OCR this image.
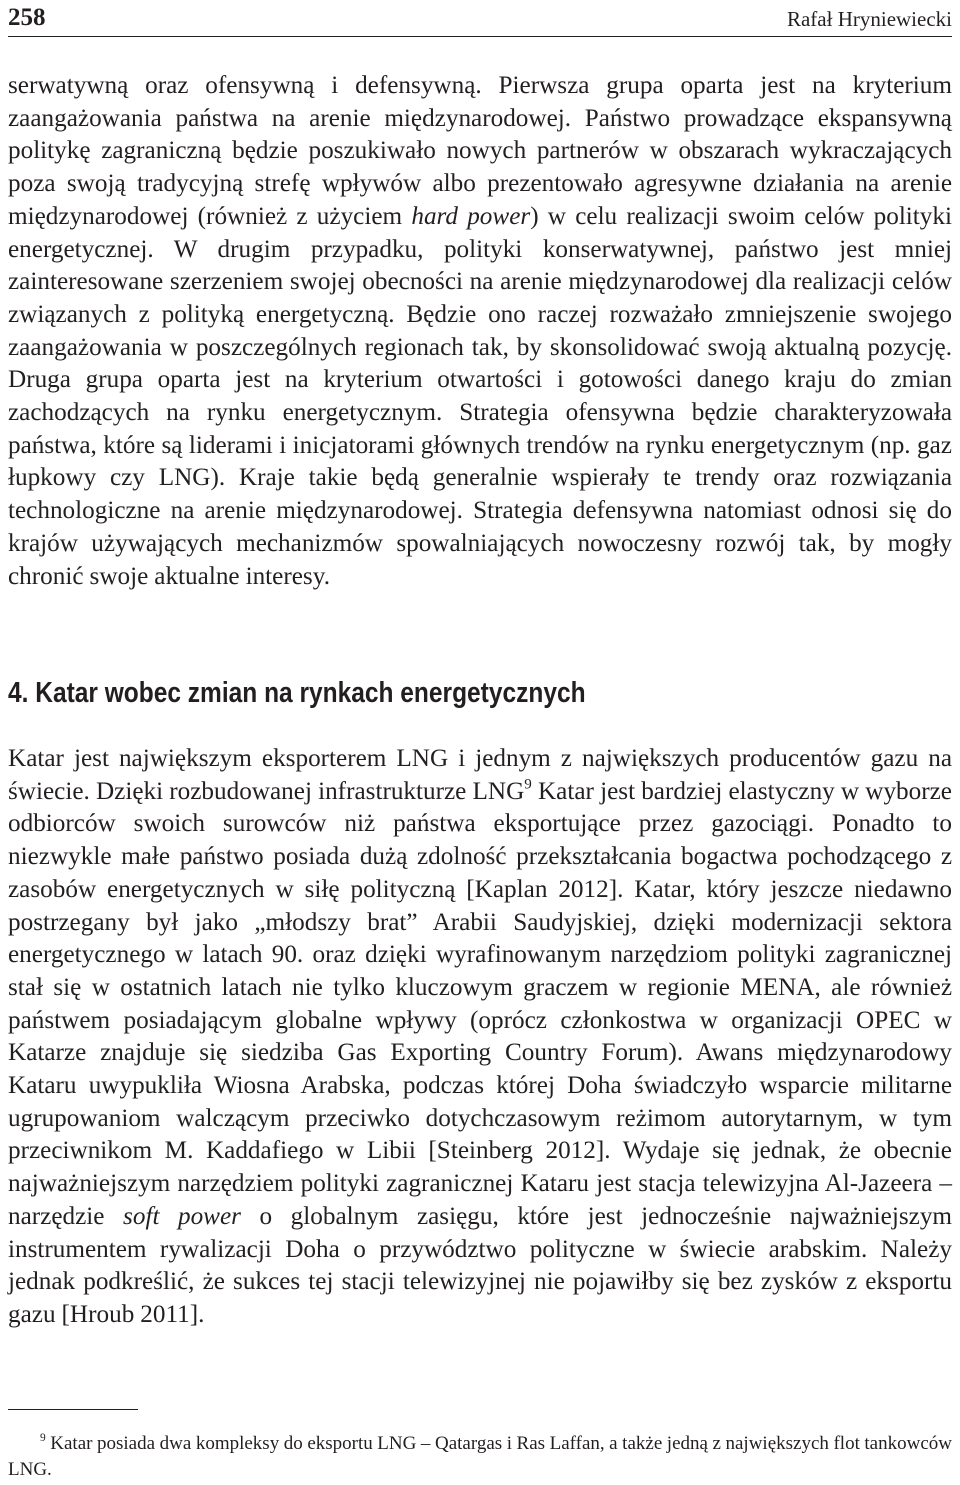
258	Rafał Hryniewiecki

serwatywną oraz ofensywną i defensywną. Pierwsza grupa oparta jest na kryterium zaangażowania państwa na arenie międzynarodowej. Państwo prowadzące ekspansywną politykę zagraniczną będzie poszukiwało nowych partnerów w obszarach wykraczających poza swoją tradycyjną strefę wpływów albo prezentowało agresywne działania na arenie międzynarodowej (również z użyciem hard power) w celu realizacji swoim celów polityki energetycznej. W drugim przypadku, polityki konserwatywnej, państwo jest mniej zainteresowane szerzeniem swojej obecności na arenie międzynarodowej dla realizacji celów związanych z polityką energetyczną. Będzie ono raczej rozważało zmniejszenie swojego zaangażowania w poszczególnych regionach tak, by skonsolidować swoją aktualną pozycję. Druga grupa oparta jest na kryterium otwartości i gotowości danego kraju do zmian zachodzących na rynku energetycznym. Strategia ofensywna będzie charakteryzowała państwa, które są liderami i inicjatorami głównych trendów na rynku energetycznym (np. gaz łupkowy czy LNG). Kraje takie będą generalnie wspierały te trendy oraz rozwiązania technologiczne na arenie międzynarodowej. Strategia defensywna natomiast odnosi się do krajów używających mechanizmów spowalniających nowoczesny rozwój tak, by mogły chronić swoje aktualne interesy.

4. Katar wobec zmian na rynkach energetycznych

Katar jest największym eksporterem LNG i jednym z największych producentów gazu na świecie. Dzięki rozbudowanej infrastrukturze LNG$^9$ Katar jest bardziej elastyczny w wyborze odbiorców swoich surowców niż państwa eksportujące przez gazociągi. Ponadto to niezwykle małe państwo posiada dużą zdolność przekształcania bogactwa pochodzącego z zasobów energetycznych w siłę polityczną [Kaplan 2012]. Katar, który jeszcze niedawno postrzegany był jako „młodszy brat” Arabii Saudyjskiej, dzięki modernizacji sektora energetycznego w latach 90. oraz dzięki wyrafinowanym narzędziom polityki zagranicznej stał się w ostatnich latach nie tylko kluczowym graczem w regionie MENA, ale również państwem posiadającym globalne wpływy (oprócz członkostwa w organizacji OPEC w Katarze znajduje się siedziba Gas Exporting Country Forum). Awans międzynarodowy Kataru uwypukliła Wiosna Arabska, podczas której Doha świadczyło wsparcie militarne ugrupowaniom walczącym przeciwko dotychczasowym reżimom autorytarnym, w tym przeciwnikom M. Kaddafiego w Libii [Steinberg 2012]. Wydaje się jednak, że obecnie najważniejszym narzędziem polityki zagranicznej Kataru jest stacja telewizyjna Al-Jazeera – narzędzie soft power o globalnym zasięgu, które jest jednocześnie najważniejszym instrumentem rywalizacji Doha o przywództwo polityczne w świecie arabskim. Należy jednak podkreślić, że sukces tej stacji telewizyjnej nie pojawiłby się bez zysków z eksportu gazu [Hroub 2011].

$^9$ Katar posiada dwa kompleksy do eksportu LNG – Qatargas i Ras Laffan, a także jedną z największych flot tankowców LNG.
